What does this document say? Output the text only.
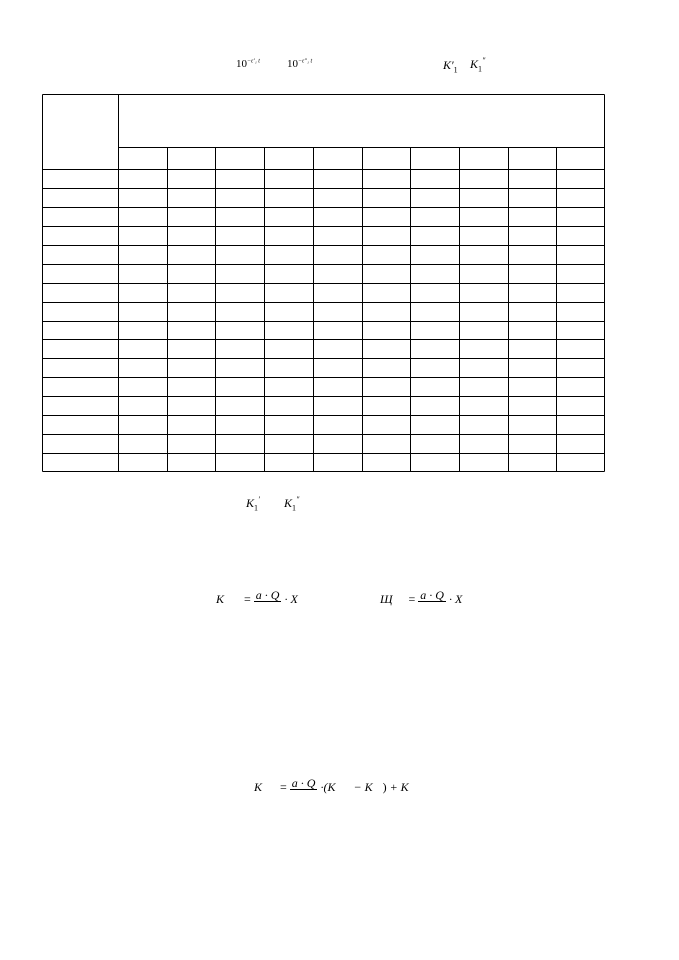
$10^{-\varepsilon'_1 t}$ $10^{-\varepsilon''_1 t}$	$K'_1$ $K_1''$
$K_1'$ $K_1''$
K = a · Q · X	Щ = a · Q · X
K = a · Q ·(K − K ) + K
